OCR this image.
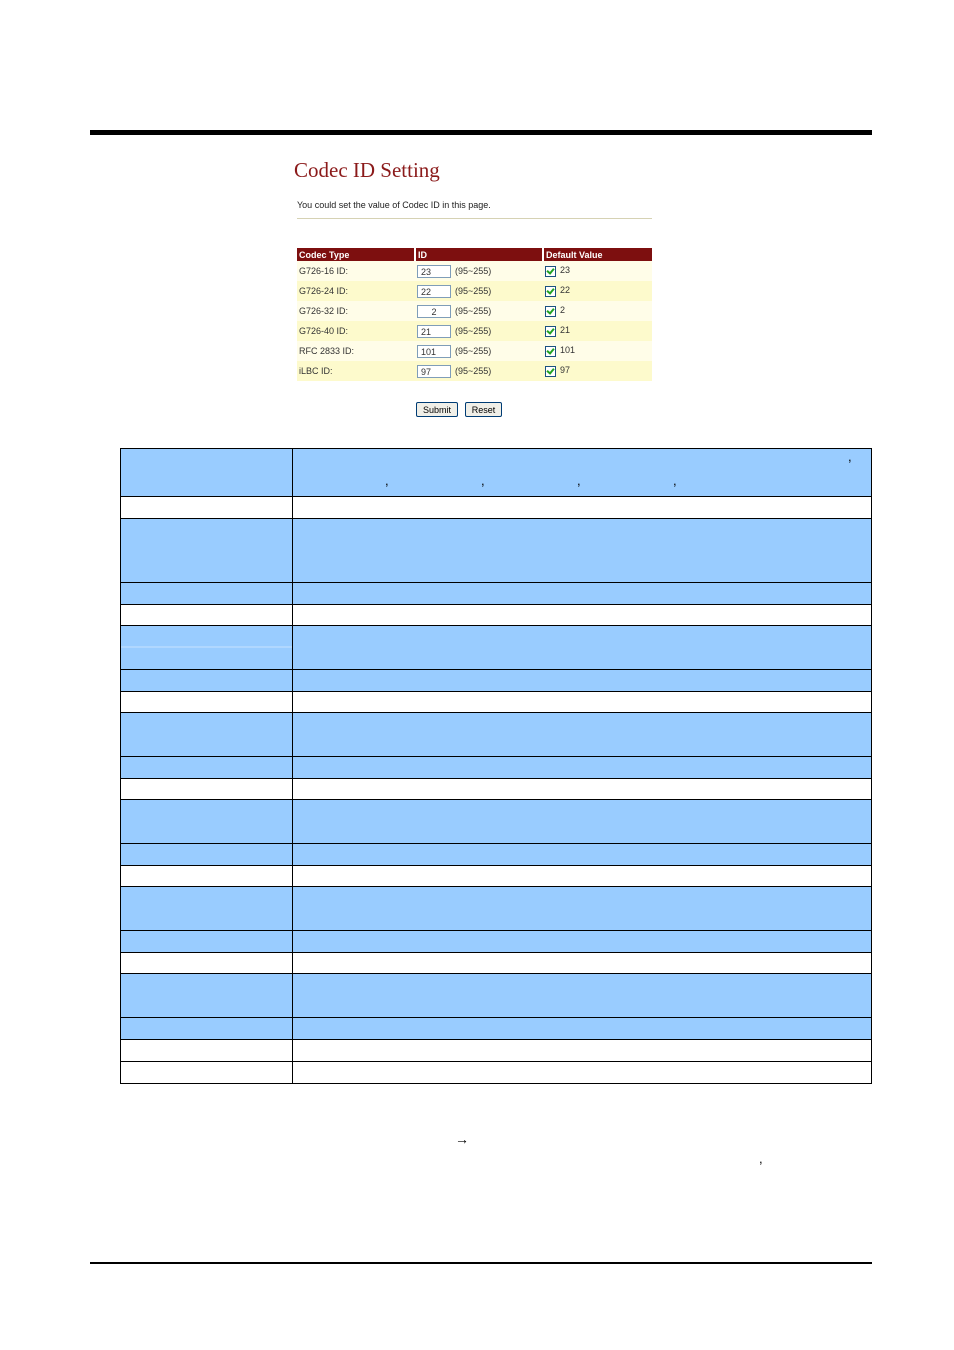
Codec ID Setting
You could set the value of Codec ID in this page.
Codec Type	ID	Default Value
G726-16 ID:	23 (95~255)	23
G726-24 ID:	22 (95~255)	22
G726-32 ID:	2 (95~255)	2
G726-40 ID:	21 (95~255)	21
RFC 2833 ID:	101 (95~255)	101
iLBC ID:	97 (95~255)	97
Submit	Reset

,
,	,	,	,
,
→
